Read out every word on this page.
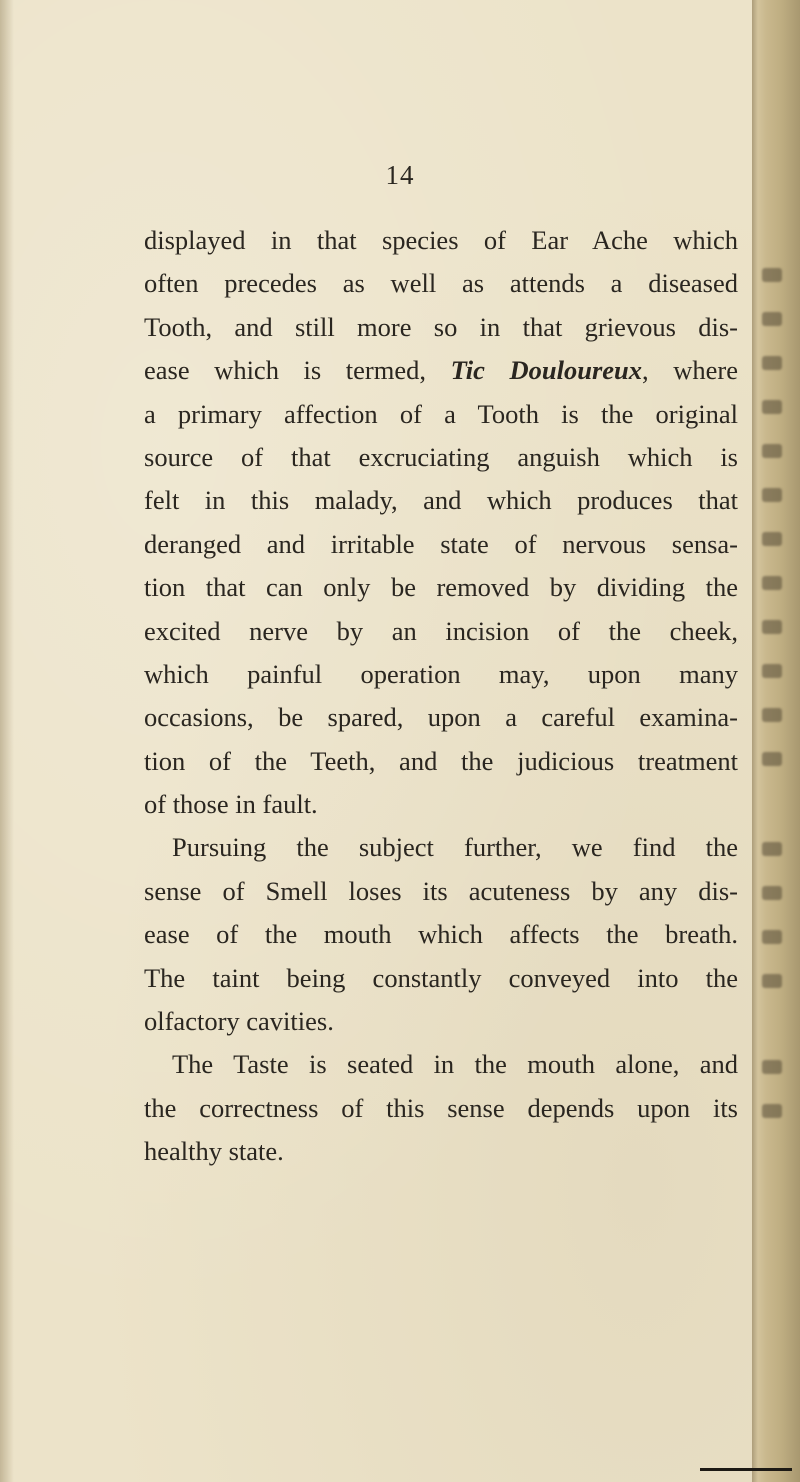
14
displayed in that species of Ear Ache which
often precedes as well as attends a diseased
Tooth, and still more so in that grievous dis-
ease which is termed, Tic Douloureux, where
a primary affection of a Tooth is the original
source of that excruciating anguish which is
felt in this malady, and which produces that
deranged and irritable state of nervous sensa-
tion that can only be removed by dividing the
excited nerve by an incision of the cheek,
which painful operation may, upon many
occasions, be spared, upon a careful examina-
tion of the Teeth, and the judicious treatment
of those in fault.
Pursuing the subject further, we find the
sense of Smell loses its acuteness by any dis-
ease of the mouth which affects the breath.
The taint being constantly conveyed into the
olfactory cavities.
The Taste is seated in the mouth alone, and
the correctness of this sense depends upon its
healthy state.
